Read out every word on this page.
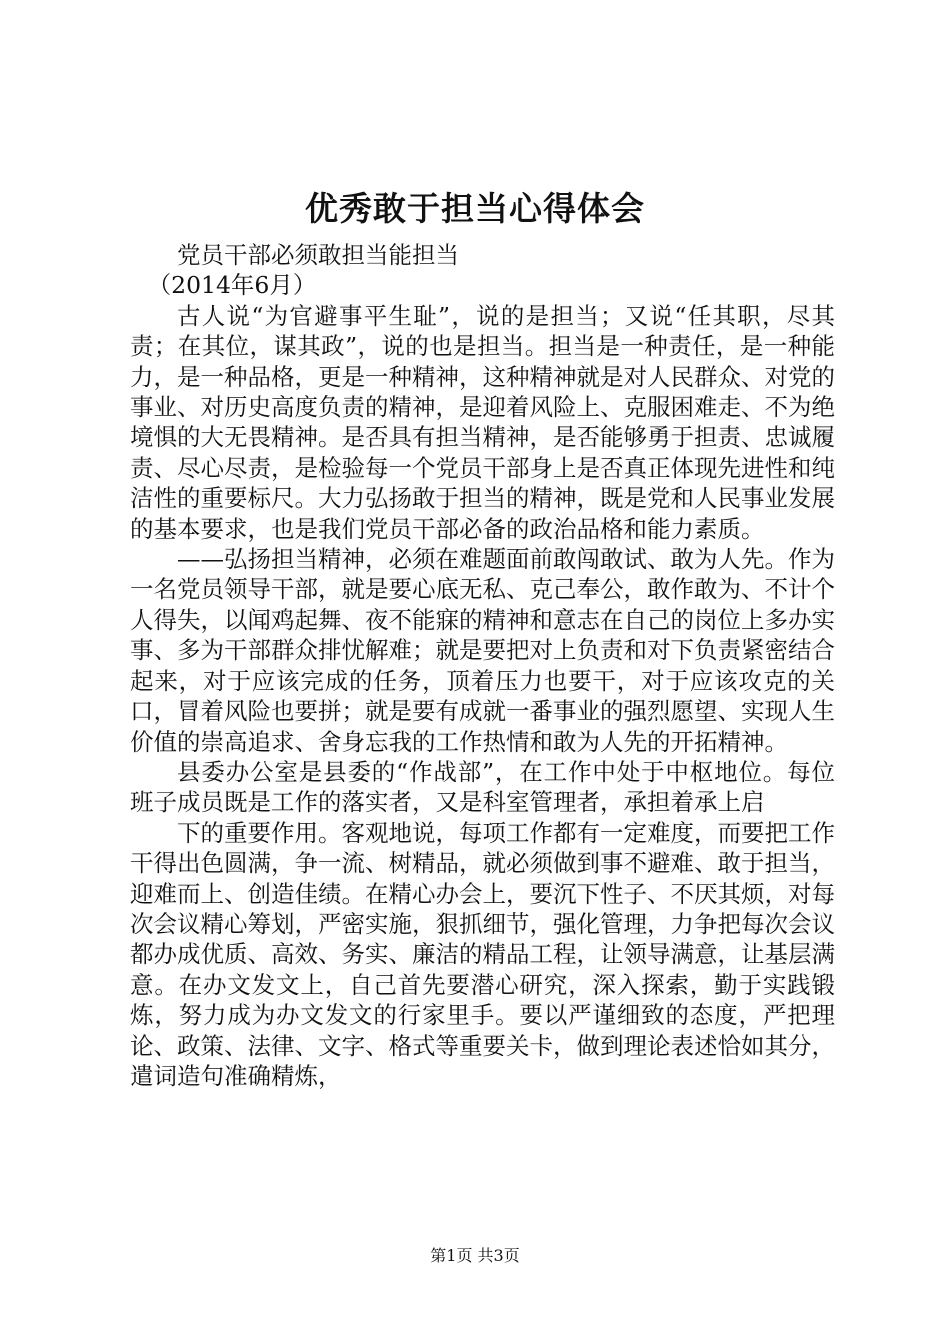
优秀敢于担当心得体会

党员干部必须敢担当能担当

（2014年6月）

古人说“为官避事平生耻”，说的是担当；又说“任其职，尽其责；在其位，谋其政”，说的也是担当。担当是一种责任，是一种能力，是一种品格，更是一种精神，这种精神就是对人民群众、对党的事业、对历史高度负责的精神，是迎着风险上、克服困难走、不为绝境惧的大无畏精神。是否具有担当精神，是否能够勇于担责、忠诚履责、尽心尽责，是检验每一个党员干部身上是否真正体现先进性和纯洁性的重要标尺。大力弘扬敢于担当的精神，既是党和人民事业发展的基本要求，也是我们党员干部必备的政治品格和能力素质。

——弘扬担当精神，必须在难题面前敢闯敢试、敢为人先。作为一名党员领导干部，就是要心底无私、克己奉公，敢作敢为、不计个人得失，以闻鸡起舞、夜不能寐的精神和意志在自己的岗位上多办实事、多为干部群众排忧解难；就是要把对上负责和对下负责紧密结合起来，对于应该完成的任务，顶着压力也要干，对于应该攻克的关口，冒着风险也要拼；就是要有成就一番事业的强烈愿望、实现人生价值的崇高追求、舍身忘我的工作热情和敢为人先的开拓精神。

县委办公室是县委的“作战部”，在工作中处于中枢地位。每位班子成员既是工作的落实者，又是科室管理者，承担着承上启

下的重要作用。客观地说，每项工作都有一定难度，而要把工作干得出色圆满，争一流、树精品，就必须做到事不避难、敢于担当，迎难而上、创造佳绩。在精心办会上，要沉下性子、不厌其烦，对每次会议精心筹划，严密实施，狠抓细节，强化管理，力争把每次会议都办成优质、高效、务实、廉洁的精品工程，让领导满意，让基层满意。在办文发文上，自己首先要潜心研究，深入探索，勤于实践锻炼，努力成为办文发文的行家里手。要以严谨细致的态度，严把理论、政策、法律、文字、格式等重要关卡，做到理论表述恰如其分，遣词造句准确精炼，

第1页 共3页
